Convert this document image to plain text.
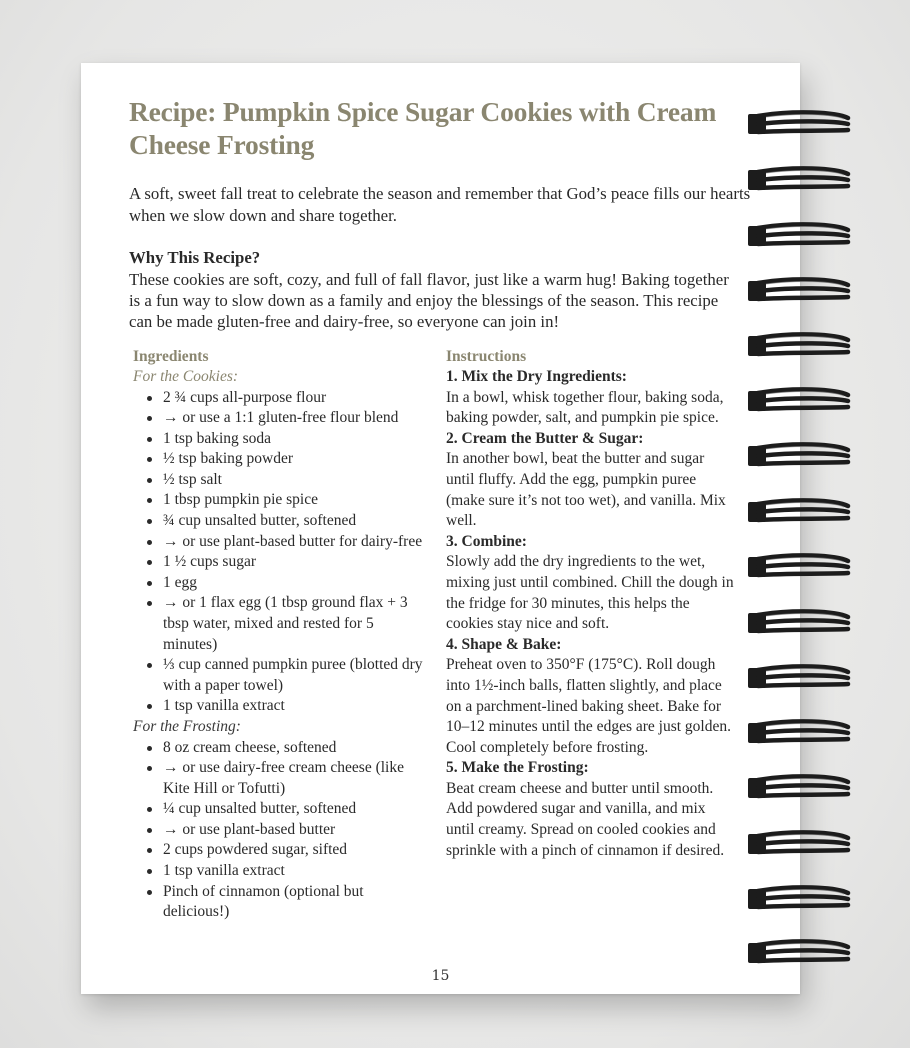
15
Recipe: Pumpkin Spice Sugar Cookies with Cream Cheese Frosting

A soft, sweet fall treat to celebrate the season and remember that God’s peace fills our hearts when we slow down and share together.

Why This Recipe?

These cookies are soft, cozy, and full of fall flavor, just like a warm hug! Baking together is a fun way to slow down as a family and enjoy the blessings of the season. This recipe can be made gluten-free and dairy-free, so everyone can join in!

Ingredients

For the Cookies:

2 ¾ cups all-purpose flour
→ or use a 1:1 gluten-free flour blend
1 tsp baking soda
½ tsp baking powder
½ tsp salt
1 tbsp pumpkin pie spice
¾ cup unsalted butter, softened
→ or use plant-based butter for dairy-free
1 ½ cups sugar
1 egg
→ or 1 flax egg (1 tbsp ground flax + 3 tbsp water, mixed and rested for 5 minutes)
⅓ cup canned pumpkin puree (blotted dry with a paper towel)
1 tsp vanilla extract

For the Frosting:

8 oz cream cheese, softened
→ or use dairy-free cream cheese (like Kite Hill or Tofutti)
¼ cup unsalted butter, softened
→ or use plant-based butter
2 cups powdered sugar, sifted
1 tsp vanilla extract
Pinch of cinnamon (optional but delicious!)

Instructions

1. Mix the Dry Ingredients:

In a bowl, whisk together flour, baking soda, baking powder, salt, and pumpkin pie spice.

2. Cream the Butter & Sugar:

In another bowl, beat the butter and sugar until fluffy. Add the egg, pumpkin puree (make sure it’s not too wet), and vanilla. Mix well.

3. Combine:

Slowly add the dry ingredients to the wet, mixing just until combined. Chill the dough in the fridge for 30 minutes, this helps the cookies stay nice and soft.

4. Shape & Bake:

Preheat oven to 350°F (175°C). Roll dough into 1½-inch balls, flatten slightly, and place on a parchment-lined baking sheet. Bake for 10–12 minutes until the edges are just golden. Cool completely before frosting.

5. Make the Frosting:

Beat cream cheese and butter until smooth. Add powdered sugar and vanilla, and mix until creamy. Spread on cooled cookies and sprinkle with a pinch of cinnamon if desired.
